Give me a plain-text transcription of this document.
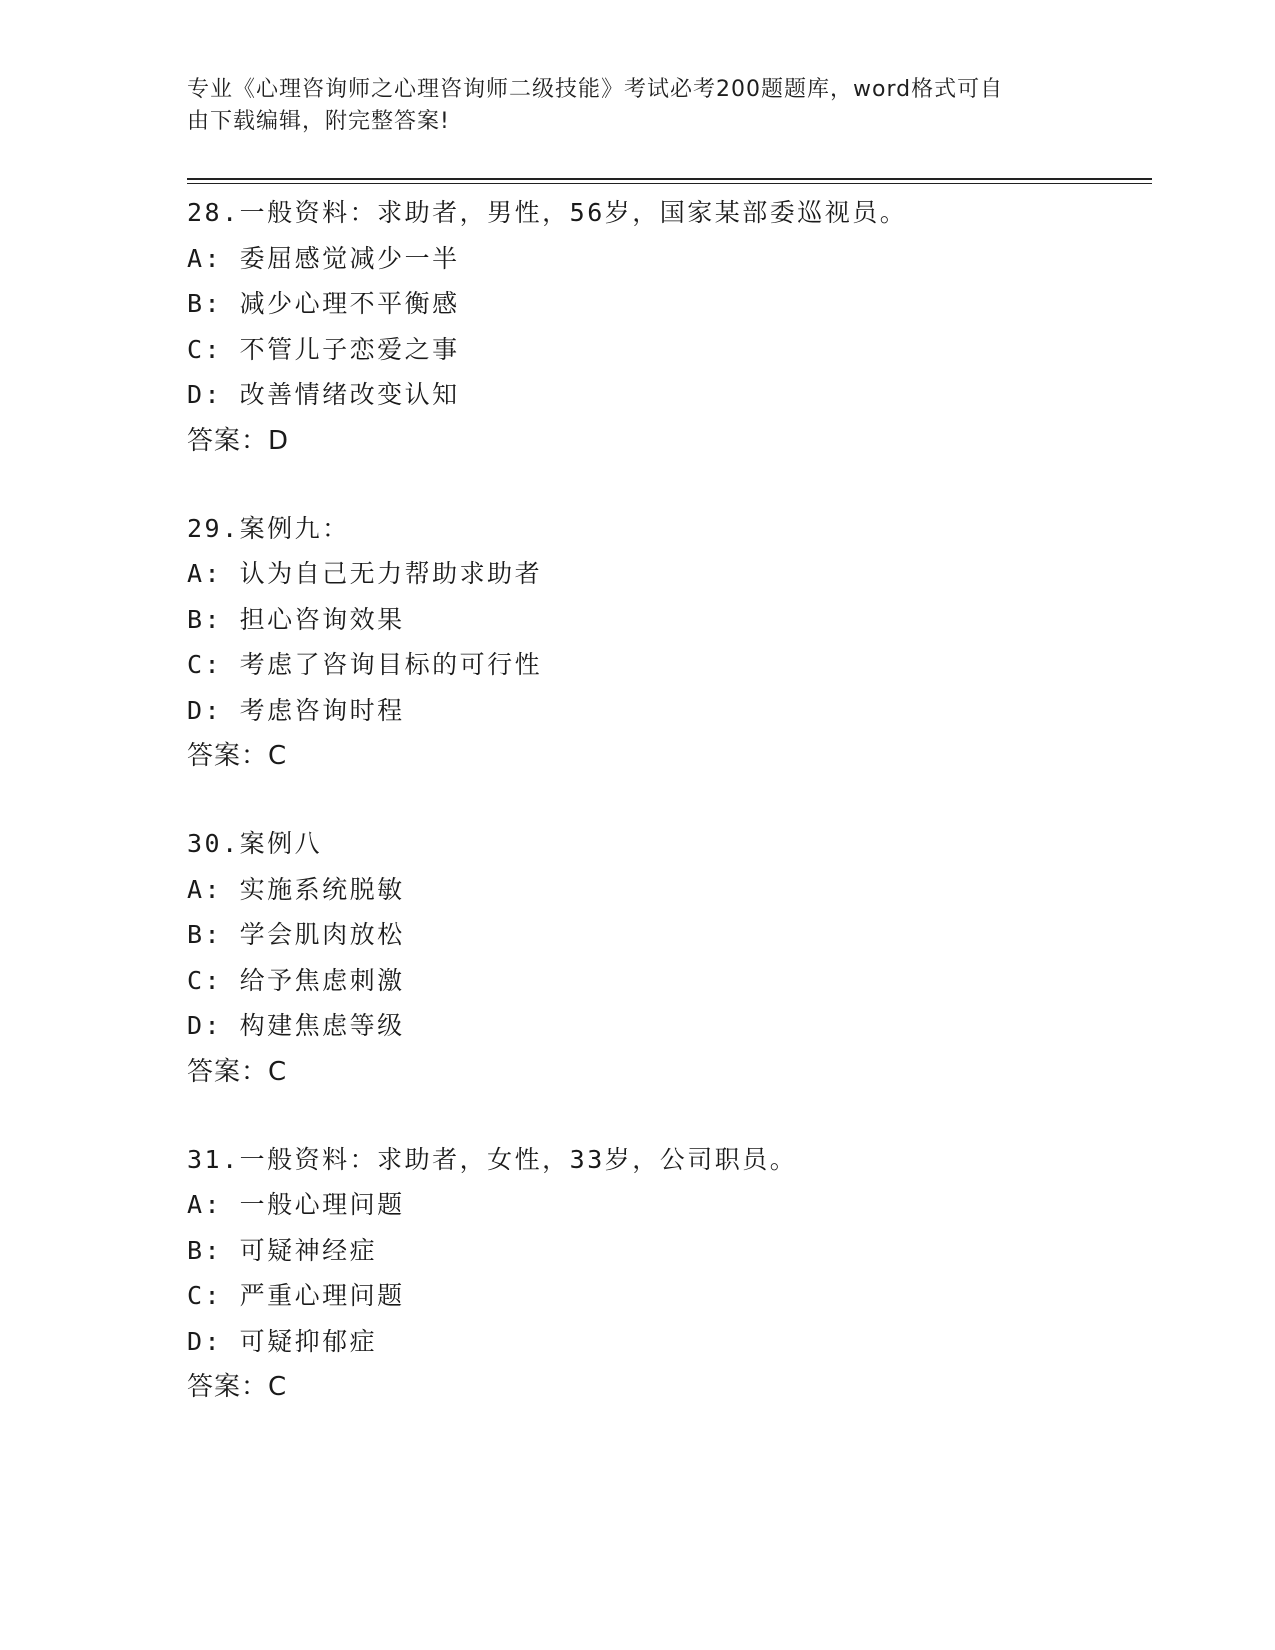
专业《心理咨询师之心理咨询师二级技能》考试必考200题题库，word格式可自
由下载编辑，附完整答案!
28.一般资料：求助者，男性，56岁，国家某部委巡视员。
A: 委屈感觉减少一半
B: 减少心理不平衡感
C: 不管儿子恋爱之事
D: 改善情绪改变认知
答案：D
29.案例九：
A: 认为自己无力帮助求助者
B: 担心咨询效果
C: 考虑了咨询目标的可行性
D: 考虑咨询时程
答案：C
30.案例八
A: 实施系统脱敏
B: 学会肌肉放松
C: 给予焦虑刺激
D: 构建焦虑等级
答案：C
31.一般资料：求助者，女性，33岁，公司职员。
A: 一般心理问题
B: 可疑神经症
C: 严重心理问题
D: 可疑抑郁症
答案：C
